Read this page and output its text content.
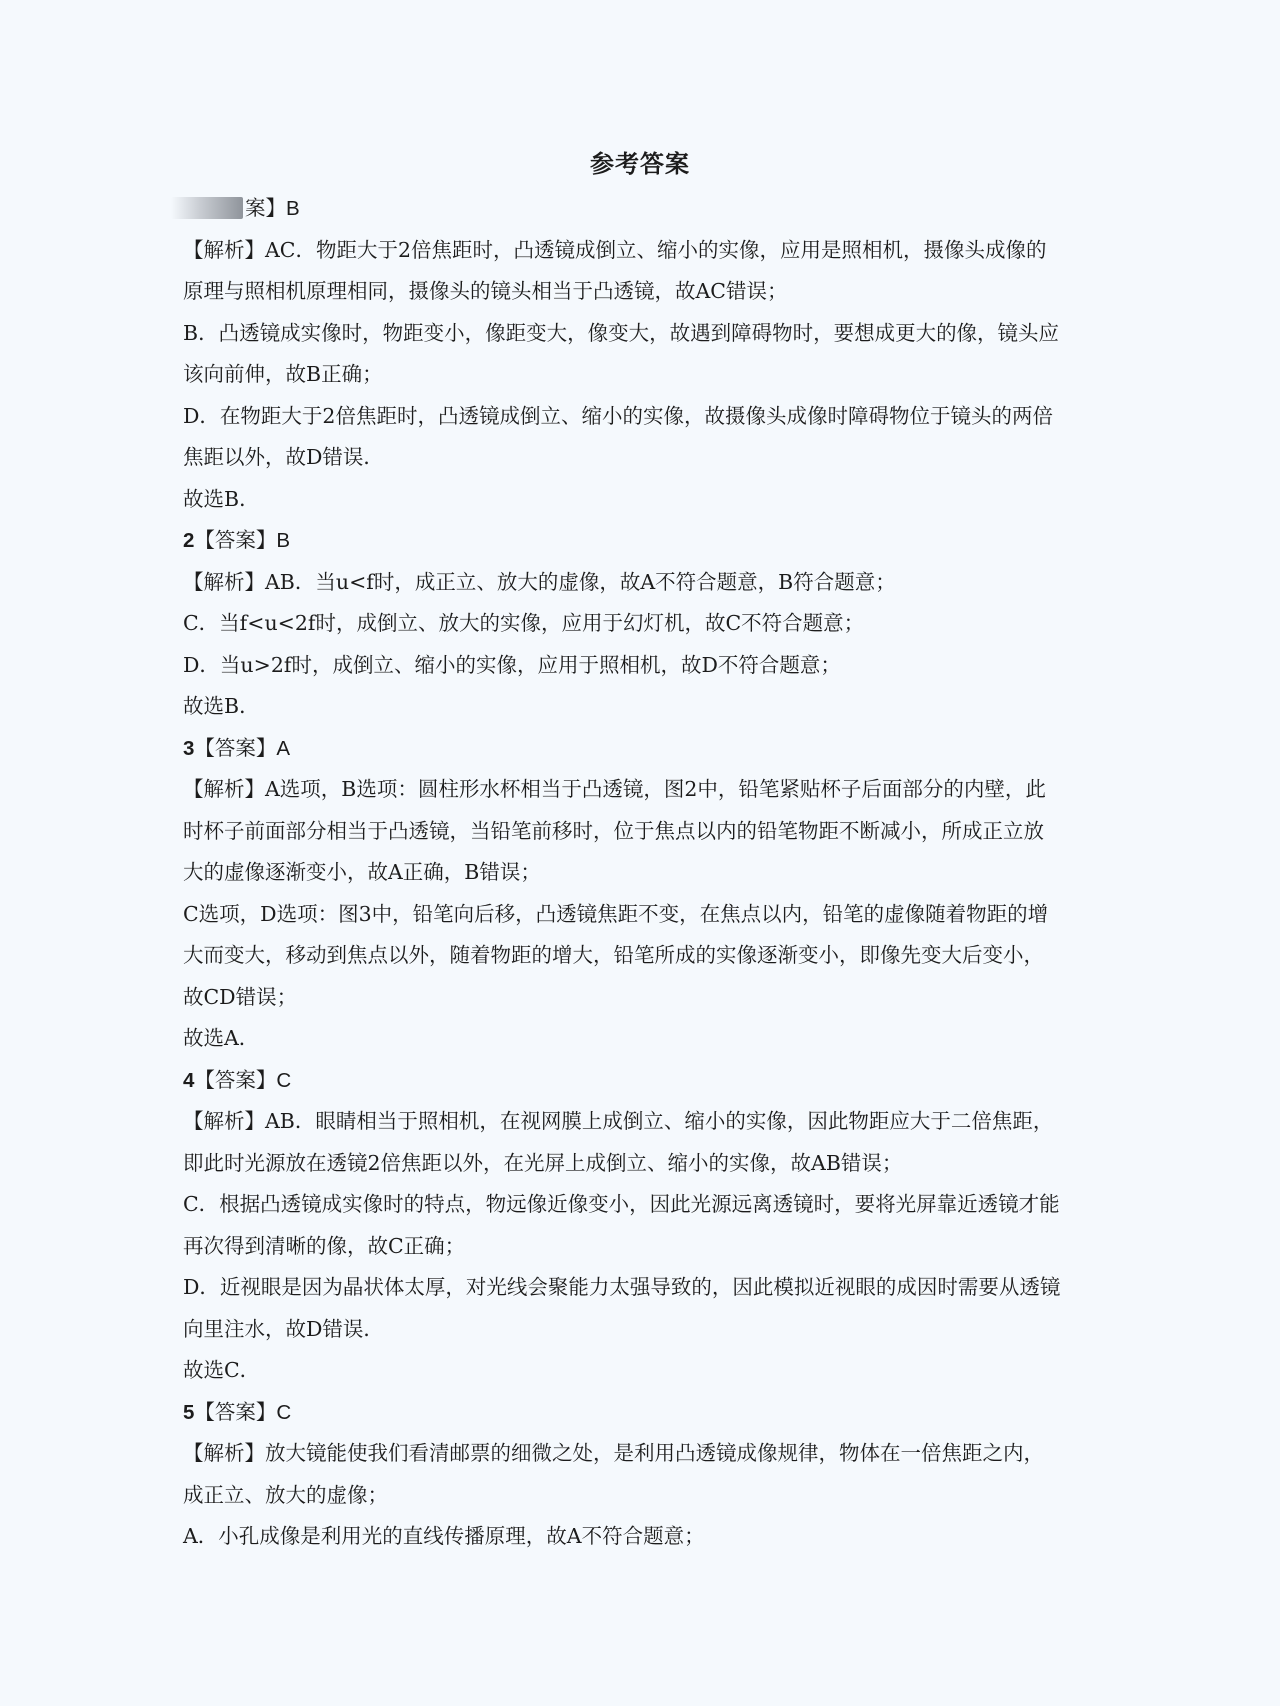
参考答案
案】B
【解析】AC．物距大于2倍焦距时，凸透镜成倒立、缩小的实像，应用是照相机，摄像头成像的
原理与照相机原理相同，摄像头的镜头相当于凸透镜，故AC错误；
B．凸透镜成实像时，物距变小，像距变大，像变大，故遇到障碍物时，要想成更大的像，镜头应
该向前伸，故B正确；
D．在物距大于2倍焦距时，凸透镜成倒立、缩小的实像，故摄像头成像时障碍物位于镜头的两倍
焦距以外，故D错误．
故选B．
2【答案】B
【解析】AB．当u<f时，成正立、放大的虚像，故A不符合题意，B符合题意；
C．当f<u<2f时，成倒立、放大的实像，应用于幻灯机，故C不符合题意；
D．当u>2f时，成倒立、缩小的实像，应用于照相机，故D不符合题意；
故选B．
3【答案】A
【解析】A选项，B选项：圆柱形水杯相当于凸透镜，图2中，铅笔紧贴杯子后面部分的内壁，此
时杯子前面部分相当于凸透镜，当铅笔前移时，位于焦点以内的铅笔物距不断减小，所成正立放
大的虚像逐渐变小，故A正确，B错误；
C选项，D选项：图3中，铅笔向后移，凸透镜焦距不变，在焦点以内，铅笔的虚像随着物距的增
大而变大，移动到焦点以外，随着物距的增大，铅笔所成的实像逐渐变小，即像先变大后变小，
故CD错误；
故选A．
4【答案】C
【解析】AB．眼睛相当于照相机，在视网膜上成倒立、缩小的实像，因此物距应大于二倍焦距，
即此时光源放在透镜2倍焦距以外，在光屏上成倒立、缩小的实像，故AB错误；
C．根据凸透镜成实像时的特点，物远像近像变小，因此光源远离透镜时，要将光屏靠近透镜才能
再次得到清晰的像，故C正确；
D．近视眼是因为晶状体太厚，对光线会聚能力太强导致的，因此模拟近视眼的成因时需要从透镜
向里注水，故D错误．
故选C．
5【答案】C
【解析】放大镜能使我们看清邮票的细微之处，是利用凸透镜成像规律，物体在一倍焦距之内，
成正立、放大的虚像；
A．小孔成像是利用光的直线传播原理，故A不符合题意；
